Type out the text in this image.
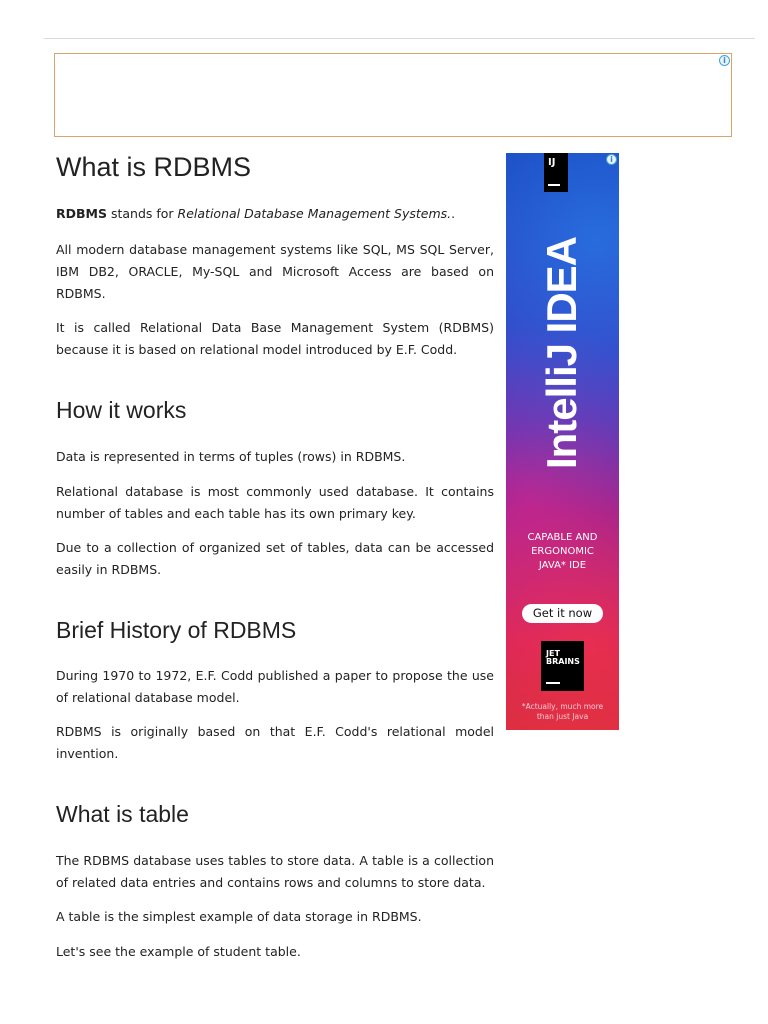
i
What is RDBMS

RDBMS stands for Relational Database Management Systems..

All modern database management systems like SQL, MS SQL Server, IBM DB2, ORACLE, My-SQL and Microsoft Access are based on RDBMS.

It is called Relational Data Base Management System (RDBMS) because it is based on relational model introduced by E.F. Codd.

How it works

Data is represented in terms of tuples (rows) in RDBMS.

Relational database is most commonly used database. It contains number of tables and each table has its own primary key.

Due to a collection of organized set of tables, data can be accessed easily in RDBMS.

Brief History of RDBMS

During 1970 to 1972, E.F. Codd published a paper to propose the use of relational database model.

RDBMS is originally based on that E.F. Codd's relational model invention.

What is table

The RDBMS database uses tables to store data. A table is a collection of related data entries and contains rows and columns to store data.

A table is the simplest example of data storage in RDBMS.

Let's see the example of student table.

IJ	i
IntelliJ IDEA
CAPABLE AND
ERGONOMIC
JAVA* IDE
Get it now
JET
BRAINS
*Actually, much more
than just Java
